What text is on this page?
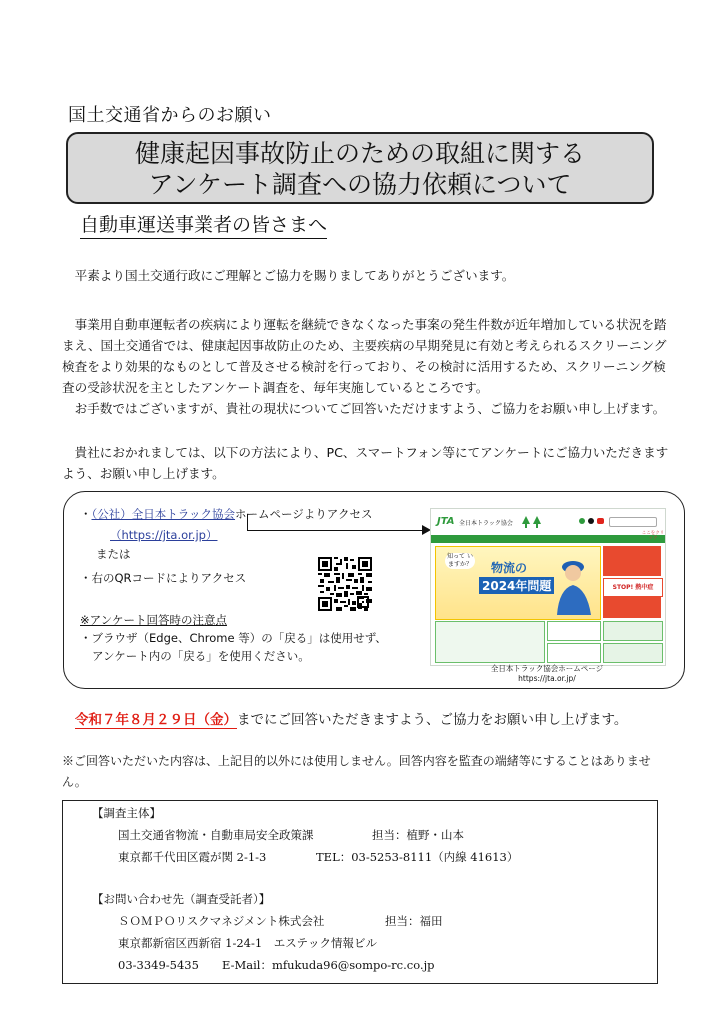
国土交通省からのお願い
健康起因事故防止のための取組に関する
アンケート調査への協力依頼について
自動車運送事業者の皆さまへ
平素より国土交通行政にご理解とご協力を賜りましてありがとうございます。
事業用自動車運転者の疾病により運転を継続できなくなった事案の発生件数が近年増加している状況を踏まえ、国土交通省では、健康起因事故防止のため、主要疾病の早期発見に有効と考えられるスクリーニング検査をより効果的なものとして普及させる検討を行っており、その検討に活用するため、スクリーニング検査の受診状況を主としたアンケート調査を、毎年実施しているところです。
お手数ではございますが、貴社の現状についてご回答いただけますよう、ご協力をお願い申し上げます。
貴社におかれましては、以下の方法により、PC、スマートフォン等にてアンケートにご協力いただきますよう、お願い申し上げます。
・（公社）全日本トラック協会ホームページよりアクセス
（https://jta.or.jp）
または
・右のQRコードによりアクセス
※アンケート回答時の注意点
・ブラウザ（Edge、Chrome 等）の「戻る」は使用せず、
アンケート内の「戻る」を使用ください。
JTA 全日本トラック協会
ここをクリック
知って いますか？ 物流の
2024年問題	STOP! 熱中症
全日本トラック協会ホームページ
https://jta.or.jp/
令和７年８月２９日（金）までにご回答いただきますよう、ご協力をお願い申し上げます。
※ご回答いただいた内容は、上記目的以外には使用しません。回答内容を監査の端緒等にすることはありません。
【調査主体】
国土交通省物流・自動車局安全政策課	担当：植野・山本
東京都千代田区霞が関 2-1-3	TEL：03-5253-8111（内線 41613）
【お問い合わせ先（調査受託者）】
ＳＯＭＰＯリスクマネジメント株式会社	担当：福田
東京都新宿区西新宿 1-24-1　エステック情報ビル
03-3349-5435 E-Mail：mfukuda96@sompo-rc.co.jp
